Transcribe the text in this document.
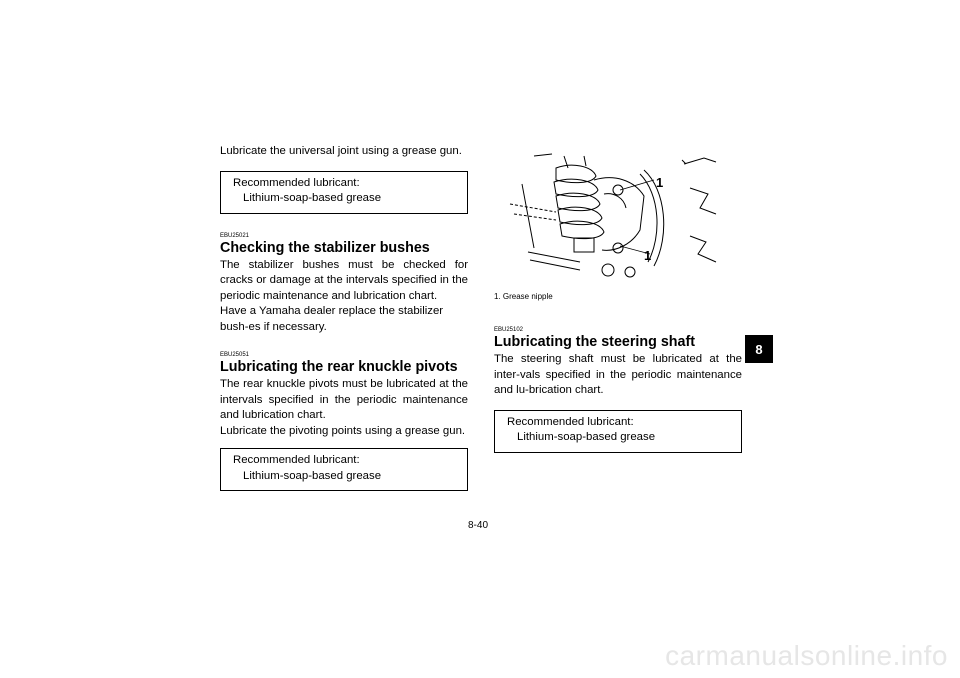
Lubricate the universal joint using a grease gun.

Recommended lubricant:
Lithium-soap-based grease
EBU25021
Checking the stabilizer bushes

The stabilizer bushes must be checked for cracks or damage at the intervals specified in the periodic maintenance and lubrication chart.

Have a Yamaha dealer replace the stabilizer bush-es if necessary.

EBU25051
Lubricating the rear knuckle pivots

The rear knuckle pivots must be lubricated at the intervals specified in the periodic maintenance and lubrication chart.

Lubricate the pivoting points using a grease gun.

Recommended lubricant:
Lithium-soap-based grease
1
1
1. Grease nipple
EBU25102
Lubricating the steering shaft

The steering shaft must be lubricated at the inter-vals specified in the periodic maintenance and lu-brication chart.

Recommended lubricant:
Lithium-soap-based grease
8
8-40
carmanualsonline.info
